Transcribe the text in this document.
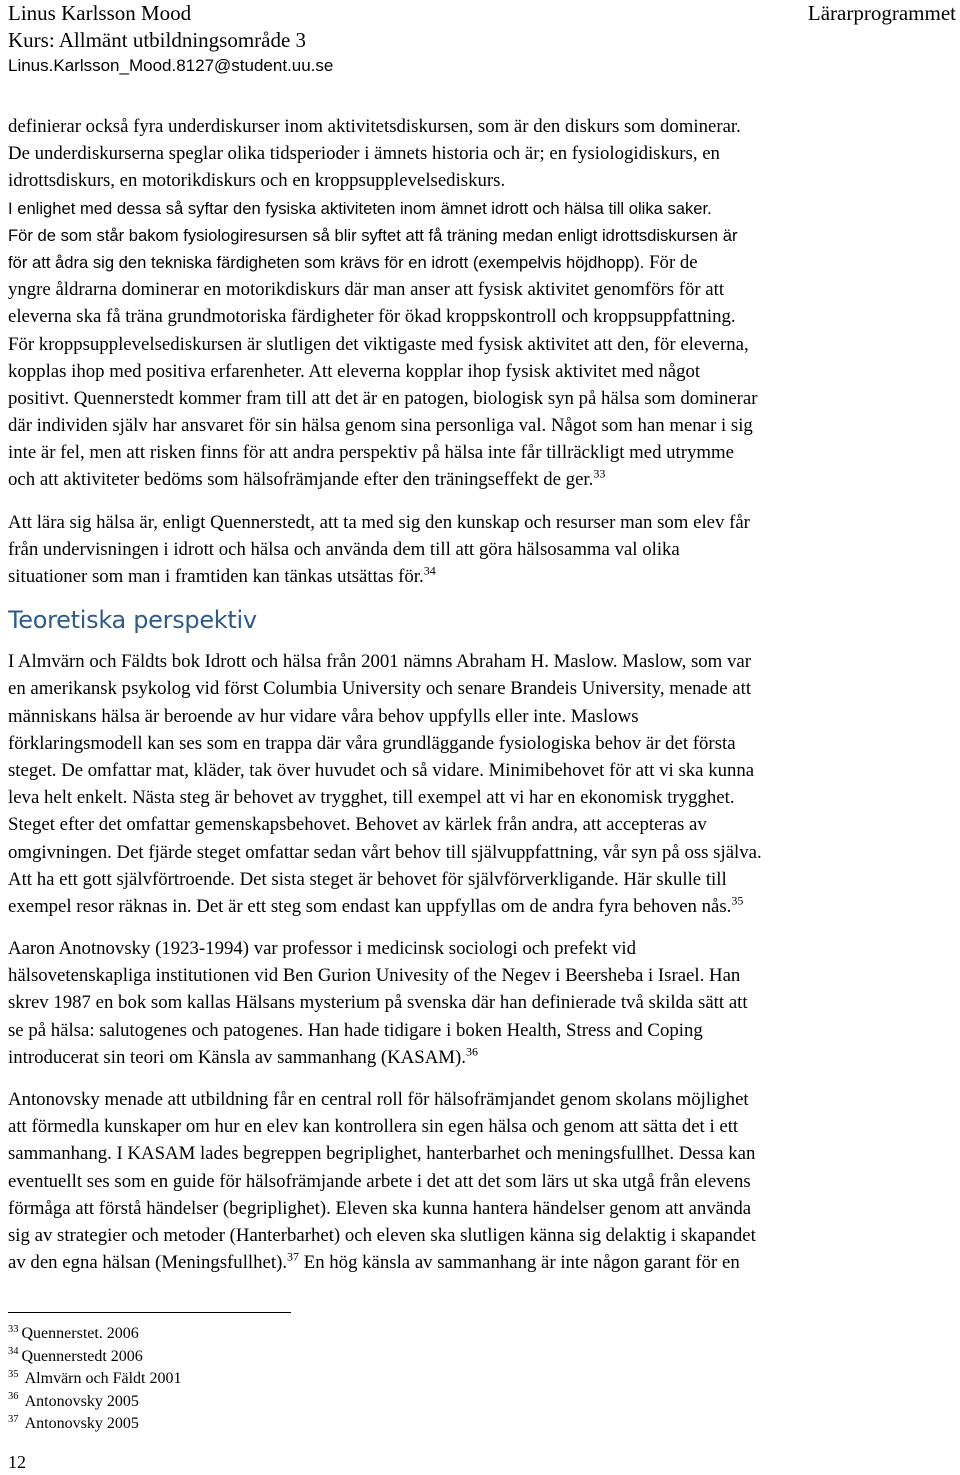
Linus Karlsson Mood
Kurs: Allmänt utbildningsområde 3
Linus.Karlsson_Mood.8127@student.uu.se
Lärarprogrammet
definierar också fyra underdiskurser inom aktivitetsdiskursen, som är den diskurs som dominerar.
De underdiskurserna speglar olika tidsperioder i ämnets historia och är; en fysiologidiskurs, en
idrottsdiskurs, en motorikdiskurs och en kroppsupplevelsediskurs.
I enlighet med dessa så syftar den fysiska aktiviteten inom ämnet idrott och hälsa till olika saker.
För de som står bakom fysiologiresursen så blir syftet att få träning medan enligt idrottsdiskursen är
för att ådra sig den tekniska färdigheten som krävs för en idrott (exempelvis höjdhopp). För de
yngre åldrarna dominerar en motorikdiskurs där man anser att fysisk aktivitet genomförs för att
eleverna ska få träna grundmotoriska färdigheter för ökad kroppskontroll och kroppsuppfattning.
För kroppsupplevelsediskursen är slutligen det viktigaste med fysisk aktivitet att den, för eleverna,
kopplas ihop med positiva erfarenheter. Att eleverna kopplar ihop fysisk aktivitet med något
positivt. Quennerstedt kommer fram till att det är en patogen, biologisk syn på hälsa som dominerar
där individen själv har ansvaret för sin hälsa genom sina personliga val. Något som han menar i sig
inte är fel, men att risken finns för att andra perspektiv på hälsa inte får tillräckligt med utrymme
och att aktiviteter bedöms som hälsofrämjande efter den träningseffekt de ger.$^{33}$
Att lära sig hälsa är, enligt Quennerstedt, att ta med sig den kunskap och resurser man som elev får
från undervisningen i idrott och hälsa och använda dem till att göra hälsosamma val olika
situationer som man i framtiden kan tänkas utsättas för.$^{34}$
Teoretiska perspektiv
I Almvärn och Fäldts bok Idrott och hälsa från 2001 nämns Abraham H. Maslow. Maslow, som var
en amerikansk psykolog vid först Columbia University och senare Brandeis University, menade att
människans hälsa är beroende av hur vidare våra behov uppfylls eller inte. Maslows
förklaringsmodell kan ses som en trappa där våra grundläggande fysiologiska behov är det första
steget. De omfattar mat, kläder, tak över huvudet och så vidare. Minimibehovet för att vi ska kunna
leva helt enkelt. Nästa steg är behovet av trygghet, till exempel att vi har en ekonomisk trygghet.
Steget efter det omfattar gemenskapsbehovet. Behovet av kärlek från andra, att accepteras av
omgivningen. Det fjärde steget omfattar sedan vårt behov till självuppfattning, vår syn på oss själva.
Att ha ett gott självförtroende. Det sista steget är behovet för självförverkligande. Här skulle till
exempel resor räknas in. Det är ett steg som endast kan uppfyllas om de andra fyra behoven nås.$^{35}$
Aaron Anotnovsky (1923-1994) var professor i medicinsk sociologi och prefekt vid
hälsovetenskapliga institutionen vid Ben Gurion Univesity of the Negev i Beersheba i Israel. Han
skrev 1987 en bok som kallas Hälsans mysterium på svenska där han definierade två skilda sätt att
se på hälsa: salutogenes och patogenes. Han hade tidigare i boken Health, Stress and Coping
introducerat sin teori om Känsla av sammanhang (KASAM).$^{36}$
Antonovsky menade att utbildning får en central roll för hälsofrämjandet genom skolans möjlighet
att förmedla kunskaper om hur en elev kan kontrollera sin egen hälsa och genom att sätta det i ett
sammanhang. I KASAM lades begreppen begriplighet, hanterbarhet och meningsfullhet. Dessa kan
eventuellt ses som en guide för hälsofrämjande arbete i det att det som lärs ut ska utgå från elevens
förmåga att förstå händelser (begriplighet). Eleven ska kunna hantera händelser genom att använda
sig av strategier och metoder (Hanterbarhet) och eleven ska slutligen känna sig delaktig i skapandet
av den egna hälsan (Meningsfullhet).$^{37}$ En hög känsla av sammanhang är inte någon garant för en
$^{33}$ Quennerstet. 2006
$^{34}$ Quennerstedt 2006
$^{35}$ Almvärn och Fäldt 2001
$^{36}$ Antonovsky 2005
$^{37}$ Antonovsky 2005
12
